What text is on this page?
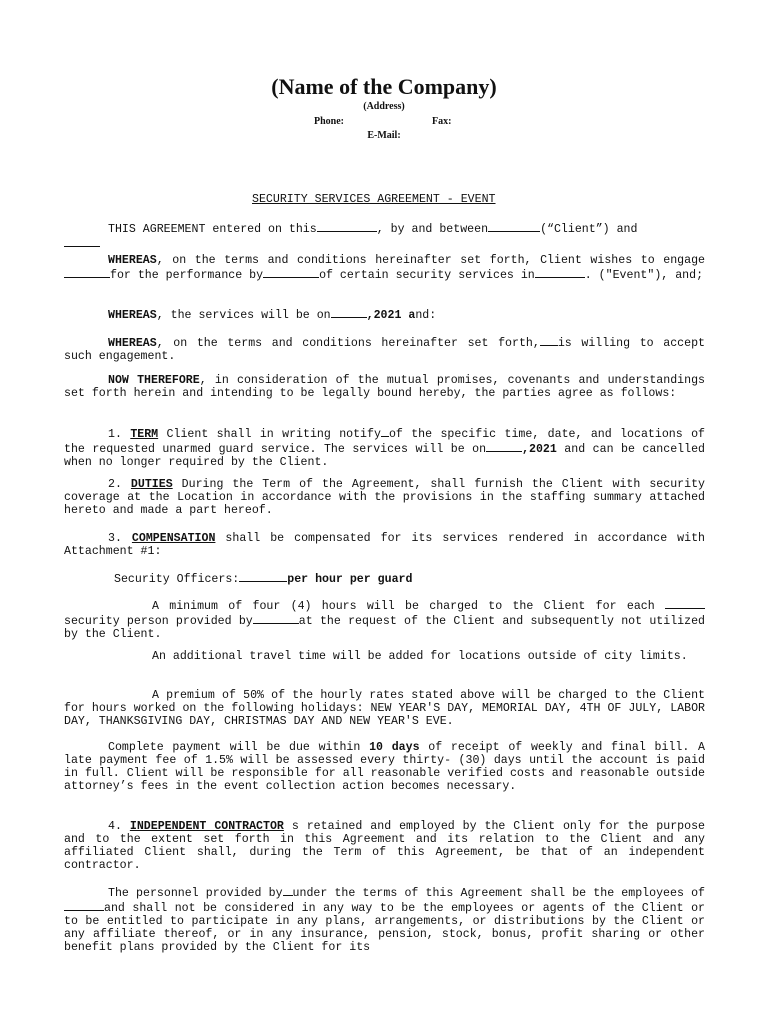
(Name of the Company)
(Address)
Phone:	Fax:
E-Mail:
SECURITY SERVICES AGREEMENT - EVENT

THIS AGREEMENT entered on this	, by and between	(“Client”) and

WHEREAS, on the terms and conditions hereinafter set forth, Client wishes to engagefor the performance by	of certain security services in	. ("Event"), and;

WHEREAS, the services will be on	,2021 and:

WHEREAS, on the terms and conditions hereinafter set forth, is willing to accept such engagement.

NOW THEREFORE, in consideration of the mutual promises, covenants and understandings set forth herein and intending to be legally bound hereby, the parties agree as follows:

1. TERM Client shall in writing notify of the specific time, date, and locations of the requested unarmed guard service. The services will be on	,2021 and can be cancelled when no longer required by the Client.

2. DUTIES During the Term of the Agreement, shall furnish the Client with security coverage at the Location in accordance with the provisions in the staffing summary attached hereto and made a part hereof.

3. COMPENSATION shall be compensated for its services rendered in accordance with Attachment #1:

Security Officers:	per hour per guard

A minimum of four (4) hours will be charged to the Client for each  security person provided by	at the request of the Client and subsequently not utilized by the Client.

An additional travel time will be added for locations outside of city limits.

A premium of 50% of the hourly rates stated above will be charged to the Client for hours worked on the following holidays: NEW YEAR'S DAY, MEMORIAL DAY, 4TH OF JULY, LABOR DAY, THANKSGIVING DAY, CHRISTMAS DAY AND NEW YEAR'S EVE.

Complete payment will be due within 10 days of receipt of weekly and final bill. A late payment fee of 1.5% will be assessed every thirty- (30) days until the account is paid in full. Client will be responsible for all reasonable verified costs and reasonable outside attorney’s fees in the event collection action becomes necessary.

4. INDEPENDENT CONTRACTOR s retained and employed by the Client only for the purpose and to the extent set forth in this Agreement and its relation to the Client and any affiliated Client shall, during the Term of this Agreement, be that of an independent contractor.

The personnel provided by under the terms of this Agreement shall be the employees ofand shall not be considered in any way to be the employees or agents of the Client or to be entitled to participate in any plans, arrangements, or distributions by the Client or any affiliate thereof, or in any insurance, pension, stock, bonus, profit sharing or other benefit plans provided by the Client for its
